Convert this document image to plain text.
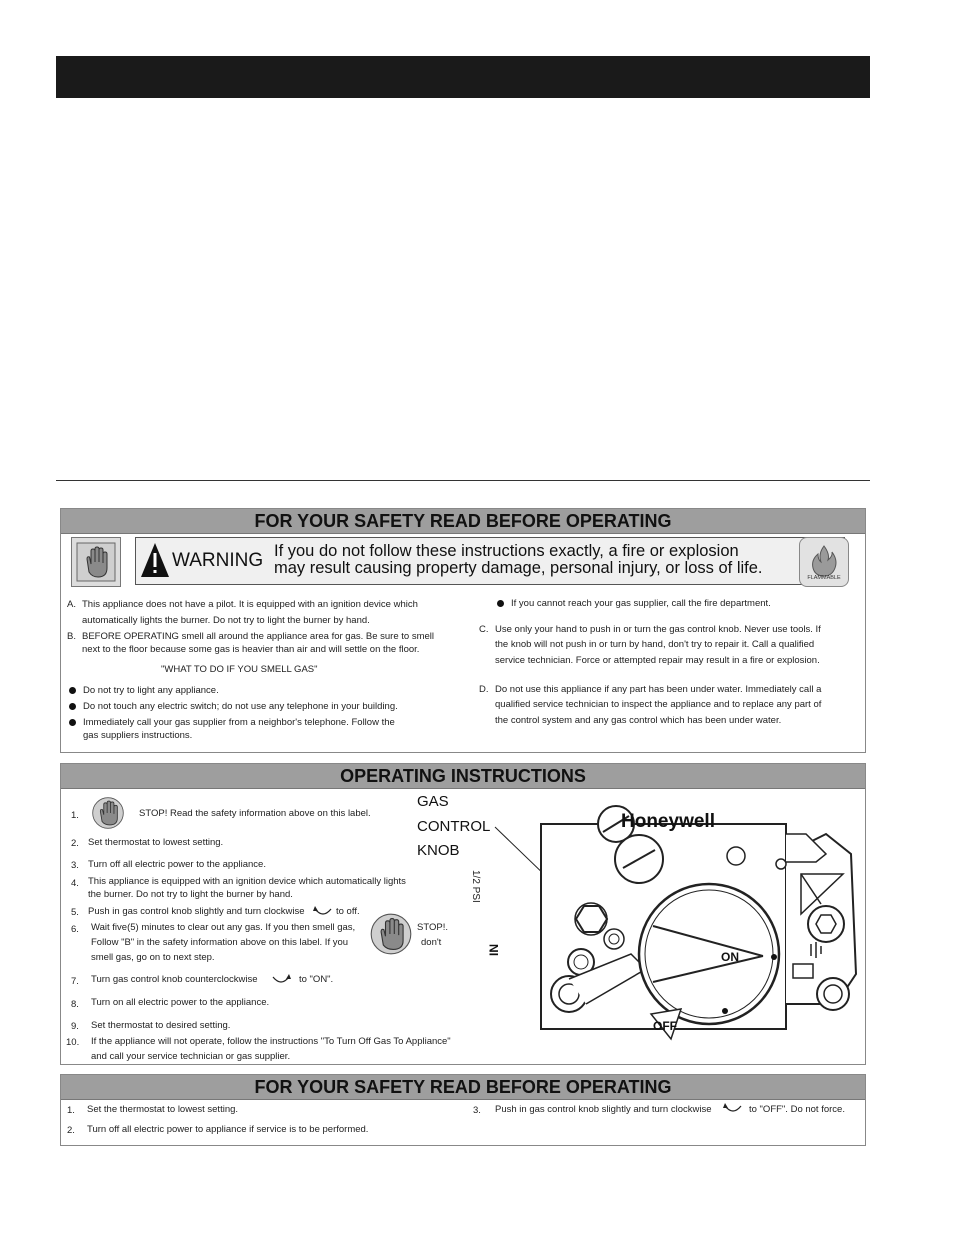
FOR YOUR SAFETY READ BEFORE OPERATING
WARNING If you do not follow these instructions exactly, a fire or explosion
may result causing property damage, personal injury, or loss of life.
FLAMMABLE
A. This appliance does not have a pilot. It is equipped with an ignition device which
automatically lights the burner. Do not try to light the burner by hand.
B. BEFORE OPERATING smell all around the appliance area for gas. Be sure to smell
next to the floor because some gas is heavier than air and will settle on the floor.
"WHAT TO DO IF YOU SMELL GAS"
Do not try to light any appliance.
Do not touch any electric switch; do not use any telephone in your building.
Immediately call your gas supplier from a neighbor's telephone. Follow the
gas suppliers instructions.
If you cannot reach your gas supplier, call the fire department.
C. Use only your hand to push in or turn the gas control knob. Never use tools. If
the knob will not push in or turn by hand, don't try to repair it. Call a qualified
service technician. Force or attempted repair may result in a fire or explosion.
D. Do not use this appliance if any part has been under water. Immediately call a
qualified service technician to inspect the appliance and to replace any part of
the control system and any gas control which has been under water.
OPERATING INSTRUCTIONS
1.	STOP! Read the safety information above on this label.
2. Set thermostat to lowest setting.
3. Turn off all electric power to the appliance.
4. This appliance is equipped with an ignition device which automatically lights
the burner. Do not try to light the burner by hand.
5. Push in gas control knob slightly and turn clockwise	to off.
6. Wait five(5) minutes to clear out any gas. If you then smell gas,
Follow "B" in the safety information above on this label. If you
smell gas, go on to next step.
STOP!.
don't
7. Turn gas control knob counterclockwise	to "ON".
8. Turn on all electric power to the appliance.
9. Set thermostat to desired setting.
10. If the appliance will not operate, follow the instructions "To Turn Off Gas To Appliance"
and call your service technician or gas supplier.
GAS
CONTROL
KNOB
Honeywell
1/2 PSI
IN	ON
OFF
FOR YOUR SAFETY READ BEFORE OPERATING
1. Set the thermostat to lowest setting.
2. Turn off all electric power to appliance if service is to be performed.
3. Push in gas control knob slightly and turn clockwise	to "OFF". Do not force.
